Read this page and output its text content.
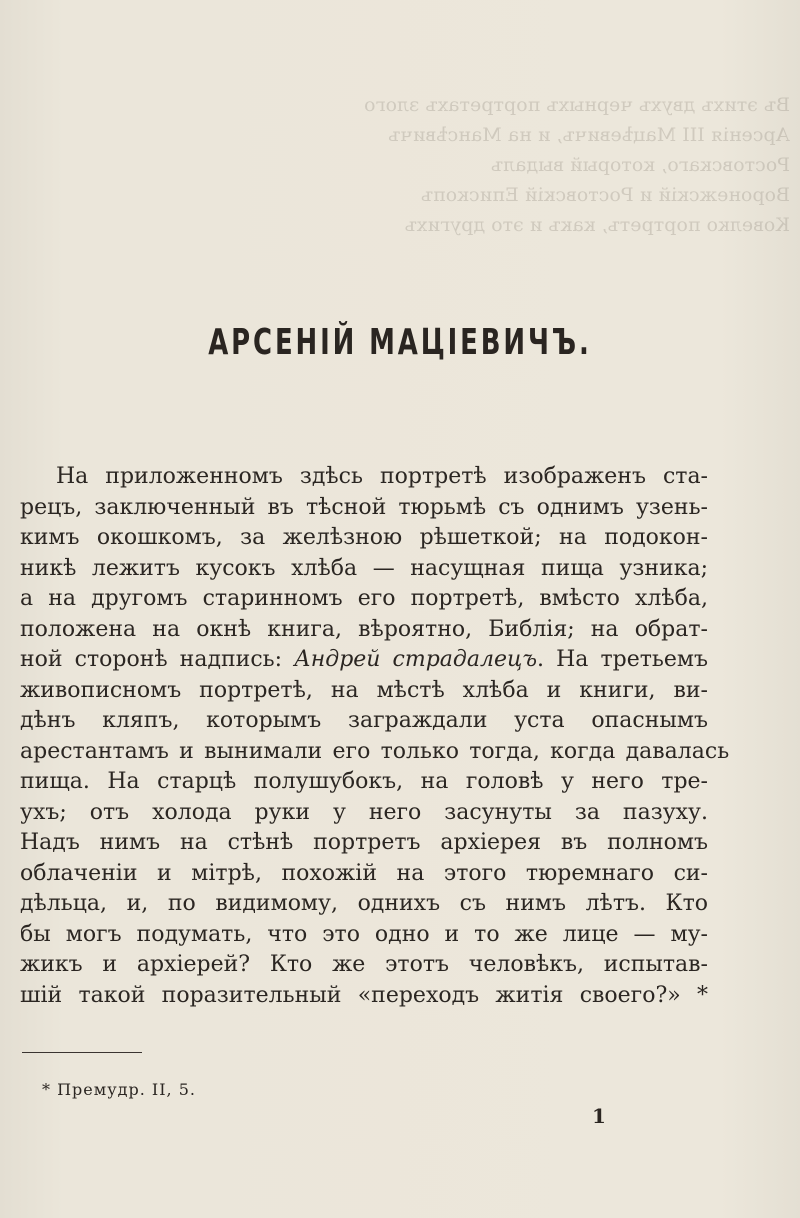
Въ этихъ двухъ черныхъ портретахъ злого
Арсенія III Мацѣевичъ, и на Мансѣвичъ
Ростовскаго, который выдалъ
Воронежскій и Ростовскій Епископъ
Ковелко портретъ, какъ и это другихъ
АРСЕНІЙ МАЦІЕВИЧЪ.
На приложенномъ здѣсь портретѣ изображенъ ста-
рецъ, заключенный въ тѣсной тюрьмѣ съ однимъ узень-
кимъ окошкомъ, за желѣзною рѣшеткой; на подокон-
никѣ лежитъ кусокъ хлѣба — насущная пища узника;
а на другомъ старинномъ его портретѣ, вмѣсто хлѣба,
положена на окнѣ книга, вѣроятно, Библія; на обрат-
ной сторонѣ надпись: Андрей страдалецъ. На третьемъ
живописномъ портретѣ, на мѣстѣ хлѣба и книги, ви-
дѣнъ кляпъ, которымъ заграждали уста опаснымъ
арестантамъ и вынимали его только тогда, когда давалась
пища. На старцѣ полушубокъ, на головѣ у него тре-
ухъ; отъ холода руки у него засунуты за пазуху.
Надъ нимъ на стѣнѣ портретъ архіерея въ полномъ
облаченіи и мітрѣ, похожій на этого тюремнаго си-
дѣльца, и, по видимому, однихъ съ нимъ лѣтъ. Кто
бы могъ подумать, что это одно и то же лице — му-
жикъ и архіерей? Кто же этотъ человѣкъ, испытав-
шій такой поразительный «переходъ житія своего?» *
* Премудр. II, 5.
1
